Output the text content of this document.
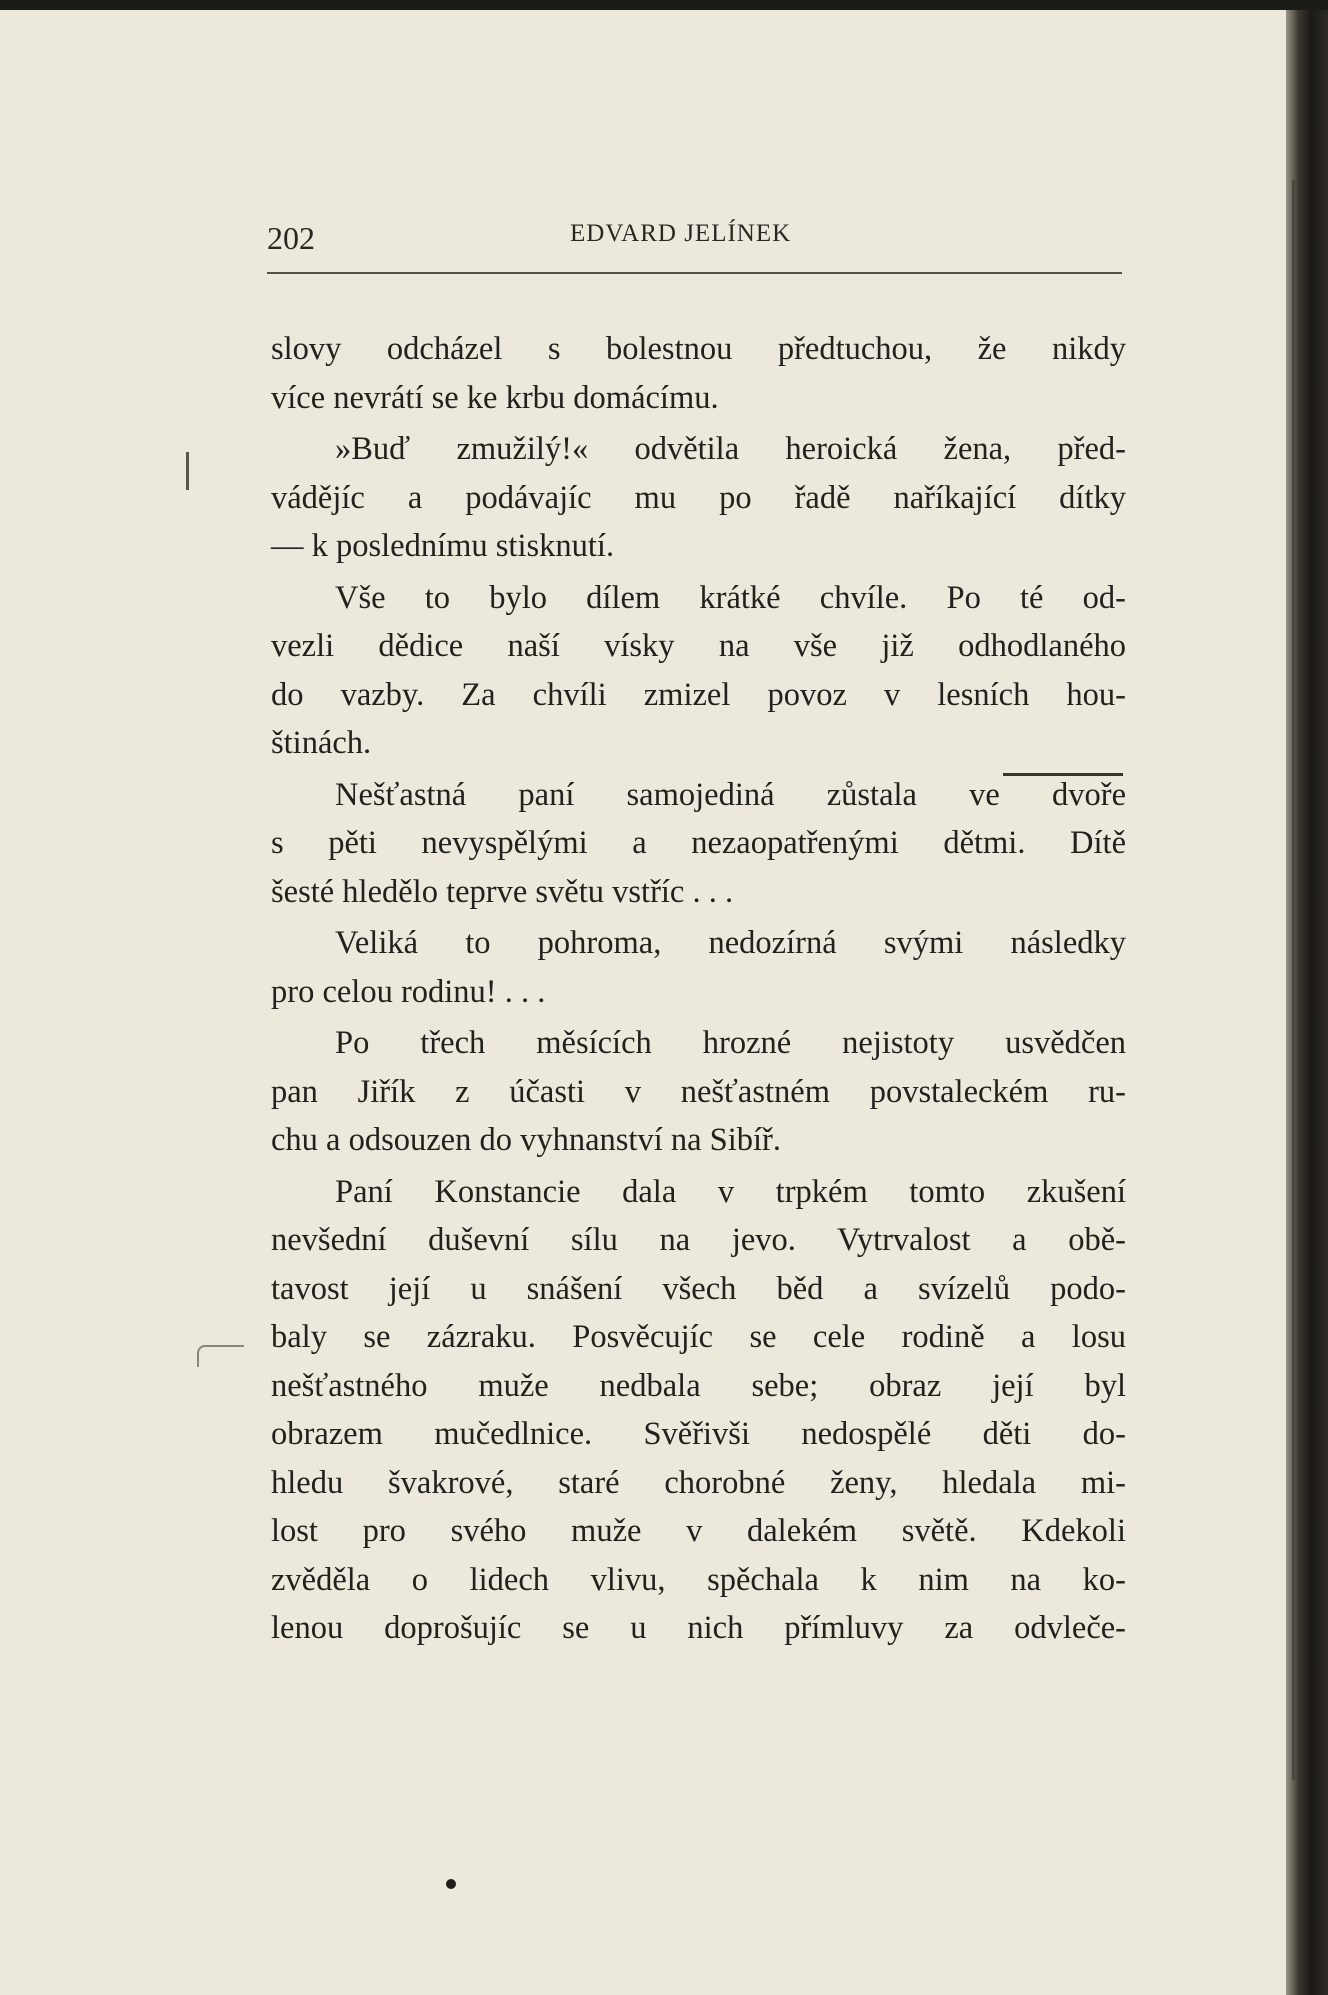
202	EDVARD JELÍNEK
slovy odcházel s bolestnou předtuchou, že nikdy
více nevrátí se ke krbu domácímu.
»Buď zmužilý!« odvětila heroická žena, před-
vádějíc a podávajíc mu po řadě naříkající dítky
— k poslednímu stisknutí.
Vše to bylo dílem krátké chvíle. Po té od-
vezli dědice naší vísky na vše již odhodlaného
do vazby. Za chvíli zmizel povoz v lesních hou-
štinách.
Nešťastná paní samojediná zůstala ve dvoře
s pěti nevyspělými a nezaopatřenými dětmi. Dítě
šesté hledělo teprve světu vstříc . . .
Veliká to pohroma, nedozírná svými následky
pro celou rodinu! . . .
Po třech měsících hrozné nejistoty usvědčen
pan Jiřík z účasti v nešťastném povstaleckém ru-
chu a odsouzen do vyhnanství na Sibíř.
Paní Konstancie dala v trpkém tomto zkušení
nevšední duševní sílu na jevo. Vytrvalost a obě-
tavost její u snášení všech běd a svízelů podo-
baly se zázraku. Posvěcujíc se cele rodině a losu
nešťastného muže nedbala sebe; obraz její byl
obrazem mučedlnice. Svěřivši nedospělé děti do-
hledu švakrové, staré chorobné ženy, hledala mi-
lost pro svého muže v dalekém světě. Kdekoli
zvěděla o lidech vlivu, spěchala k nim na ko-
lenou doprošujíc se u nich přímluvy za odvleče-
